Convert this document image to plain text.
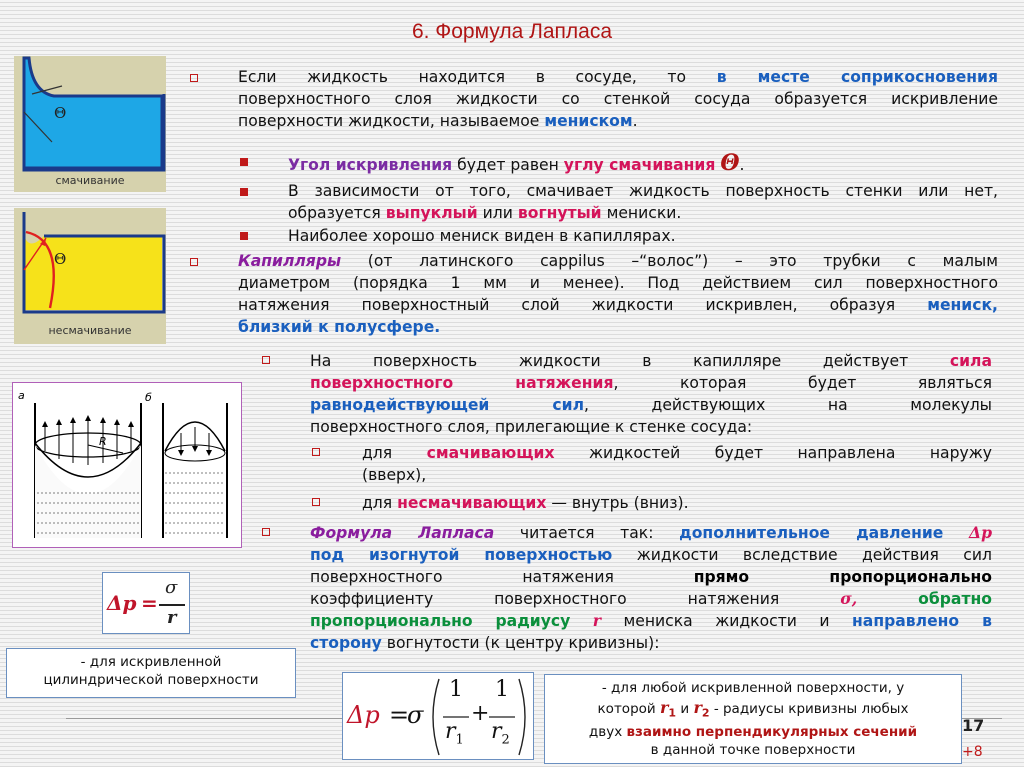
6. Формула Лапласа
Θ
смачивание
Θ
несмачивание
а	б
R
Если жидкость находится в сосуде, то в месте соприкосновения
поверхностного слоя жидкости со стенкой сосуда образуется искривление
поверхности жидкости, называемое мениском.
Угол искривления будет равен углу смачивания Θ.
В зависимости от того, смачивает жидкость поверхность стенки или нет,
образуется выпуклый или вогнутый мениски.
Наиболее хорошо мениск виден в капиллярах.
Капилляры (от латинского cappilus –“волос”) – это трубки с малым
диаметром (порядка 1 мм и менее). Под действием сил поверхностного
натяжения поверхностный слой жидкости искривлен, образуя мениск,
близкий к полусфере.
На поверхность жидкости в капилляре действует	сила
поверхностного натяжения, которая будет являться
равнодействующей сил, действующих на молекулы
поверхностного слоя, прилегающие к стенке сосуда:
для смачивающих жидкостей будет направлена наружу
(вверх),
для несмачивающих — внутрь (вниз).
Формула Лапласа читается так: дополнительное давление Δp
под изогнутой поверхностью жидкости вследствие действия сил
поверхностного натяжения	прямо пропорционально
коэффициенту поверхностного натяжения	σ,	обратно
пропорционально радиусу r мениска жидкости и направлено в
сторону вогнутости (к центру кривизны):
Δp =
σ
r
- для искривленной цилиндрической поверхности
Δp =
σ
1
$r_1$
+
1
$r_2$
- для любой искривленной поверхности, у
которой $r_1$ и $r_2$ - радиусы кривизны любых
двух взаимно перпендикулярных сечений
в данной точке поверхности
17
+8
